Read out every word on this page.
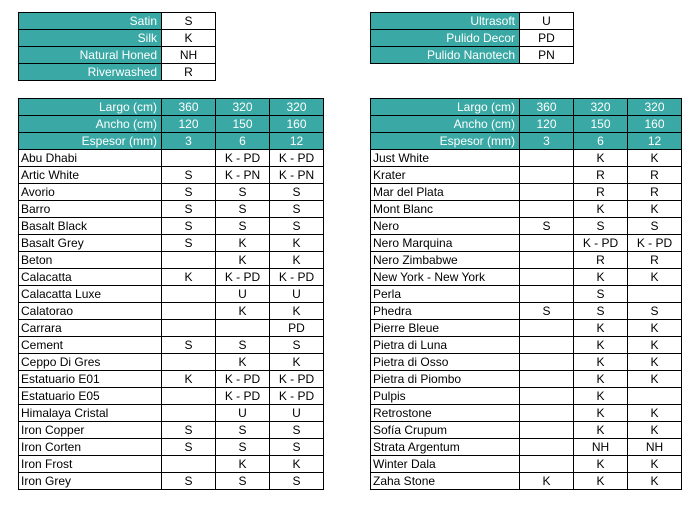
Satin	S
Silk	K
Natural Honed	NH
Riverwashed	R
Ultrasoft	U
Pulido Decor	PD
Pulido Nanotech	PN
Largo (cm)	360	320	320
Ancho (cm)	120	150	160
Espesor (mm)	3	6	12
Abu Dhabi		K - PD	K - PD
Artic White	S	K - PN	K - PN
Avorio	S	S	S
Barro	S	S	S
Basalt Black	S	S	S
Basalt Grey	S	K	K
Beton		K	K
Calacatta	K	K - PD	K - PD
Calacatta Luxe		U	U
Calatorao		K	K
Carrara			PD
Cement	S	S	S
Ceppo Di Gres		K	K
Estatuario E01	K	K - PD	K - PD
Estatuario E05		K - PD	K - PD
Himalaya Cristal		U	U
Iron Copper	S	S	S
Iron Corten	S	S	S
Iron Frost		K	K
Iron Grey	S	S	S
Largo (cm)	360	320	320
Ancho (cm)	120	150	160
Espesor (mm)	3	6	12
Just White		K	K
Krater		R	R
Mar del Plata		R	R
Mont Blanc		K	K
Nero	S	S	S
Nero Marquina		K - PD	K - PD
Nero Zimbabwe		R	R
New York - New York		K	K
Perla		S	
Phedra	S	S	S
Pierre Bleue		K	K
Pietra di Luna		K	K
Pietra di Osso		K	K
Pietra di Piombo		K	K
Pulpis		K	
Retrostone		K	K
Sofía Crupum		K	K
Strata Argentum		NH	NH
Winter Dala		K	K
Zaha Stone	K	K	K
